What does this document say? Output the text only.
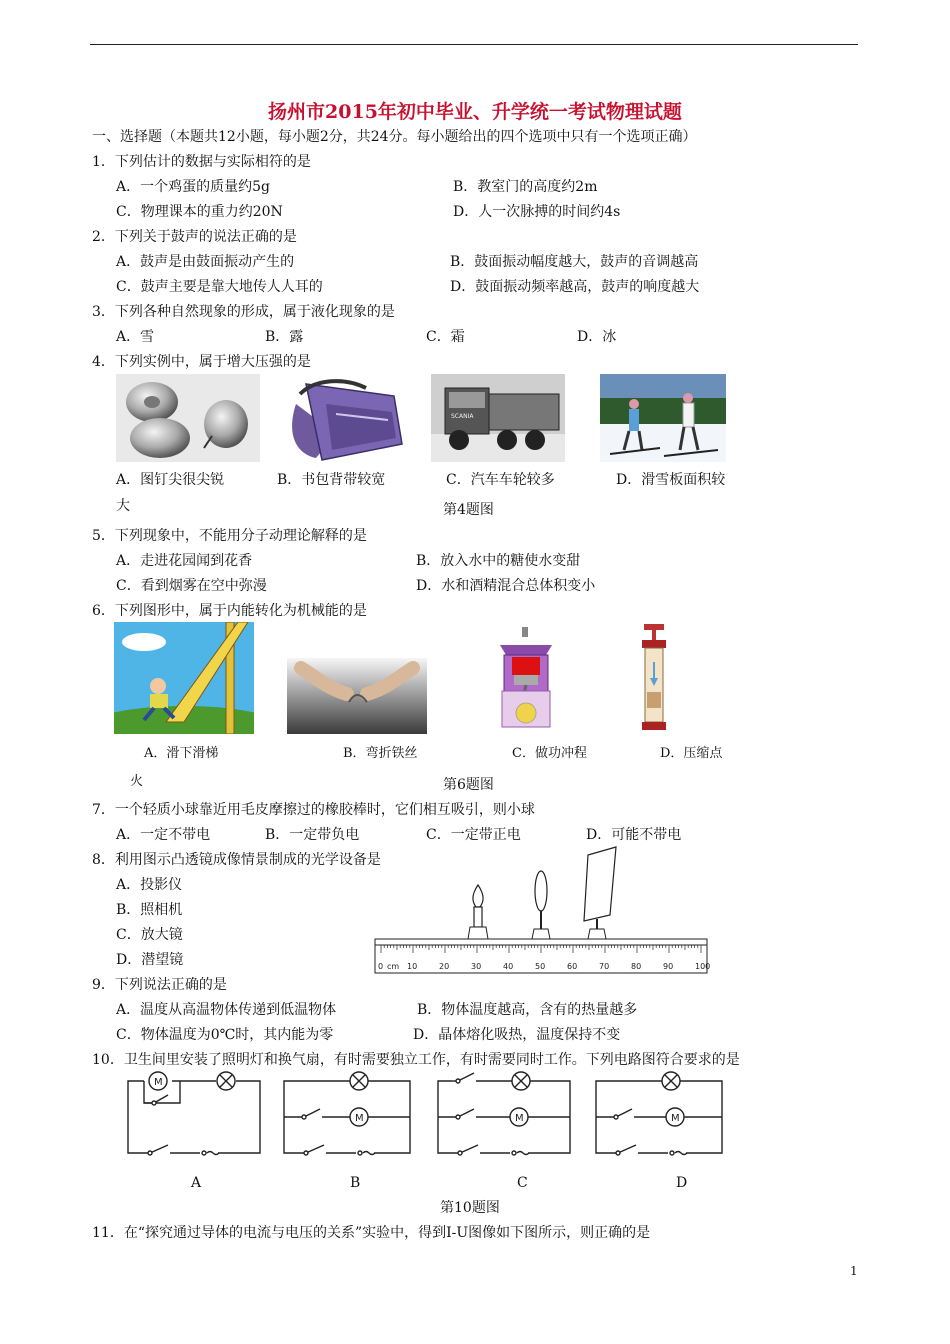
扬州市2015年初中毕业、升学统一考试物理试题
一、选择题（本题共12小题，每小题2分，共24分。每小题给出的四个选项中只有一个选项正确）
1．下列估计的数据与实际相符的是
A．一个鸡蛋的质量约5g	B．教室门的高度约2m
C．物理课本的重力约20N	D．人一次脉搏的时间约4s
2．下列关于鼓声的说法正确的是
A．鼓声是由鼓面振动产生的	B．鼓面振动幅度越大，鼓声的音调越高
C．鼓声主要是靠大地传人人耳的	D．鼓面振动频率越高，鼓声的响度越大
3．下列各种自然现象的形成，属于液化现象的是
A．雪	B．露	C．霜	D．冰
4．下列实例中，属于增大压强的是
SCANIA
A．图钉尖很尖锐	B．书包背带较宽	C．汽车车轮较多	D．滑雪板面积较
大	第4题图
5．下列现象中，不能用分子动理论解释的是
A．走进花园闻到花香	B．放入水中的糖使水变甜
C．看到烟雾在空中弥漫	D．水和酒精混合总体积变小
6．下列图形中，属于内能转化为机械能的是
A．滑下滑梯	B．弯折铁丝	C．做功冲程	D．压缩点
火	第6题图
7．一个轻质小球靠近用毛皮摩擦过的橡胶棒时，它们相互吸引，则小球
A．一定不带电	B．一定带负电	C．一定带正电	D．可能不带电
8．利用图示凸透镜成像情景制成的光学设备是
A．投影仪
B．照相机
C．放大镜
D．潜望镜	0	10	20	30	40	50	60	70	80	90	100
cm
9．下列说法正确的是
A．温度从高温物体传递到低温物体	B．物体温度越高，含有的热量越多
C．物体温度为0℃时，其内能为零	D．晶体熔化吸热，温度保持不变
10．卫生间里安装了照明灯和换气扇，有时需要独立工作，有时需要同时工作。下列电路图符合要求的是
M
M	M	M
A	B	C	D
第10题图
11．在“探究通过导体的电流与电压的关系”实验中，得到I-U图像如下图所示，则正确的是
1
